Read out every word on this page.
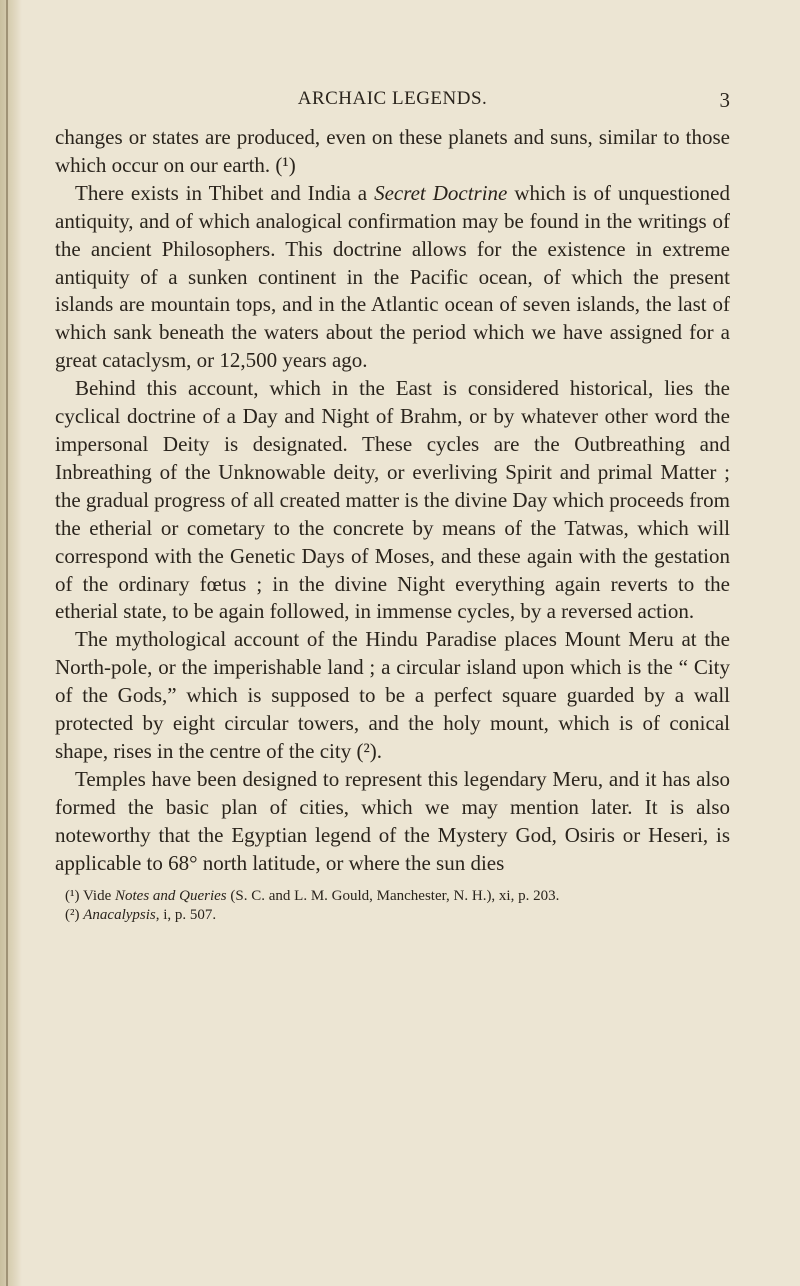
ARCHAIC LEGENDS.	3

changes or states are produced, even on these planets and suns, similar to those which occur on our earth. (¹)

There exists in Thibet and India a Secret Doctrine which is of unquestioned antiquity, and of which analogical confirmation may be found in the writings of the ancient Philosophers. This doctrine allows for the existence in extreme antiquity of a sunken continent in the Pacific ocean, of which the present islands are mountain tops, and in the Atlantic ocean of seven islands, the last of which sank beneath the waters about the period which we have assigned for a great cataclysm, or 12,500 years ago.

Behind this account, which in the East is considered historical, lies the cyclical doctrine of a Day and Night of Brahm, or by whatever other word the impersonal Deity is designated. These cycles are the Outbreathing and Inbreathing of the Unknowable deity, or everliving Spirit and primal Matter ; the gradual progress of all created matter is the divine Day which proceeds from the etherial or cometary to the concrete by means of the Tatwas, which will correspond with the Genetic Days of Moses, and these again with the gestation of the ordinary fœtus ; in the divine Night everything again reverts to the etherial state, to be again followed, in immense cycles, by a reversed action.

The mythological account of the Hindu Paradise places Mount Meru at the North-pole, or the imperishable land ; a circular island upon which is the “ City of the Gods,” which is supposed to be a perfect square guarded by a wall protected by eight circular towers, and the holy mount, which is of conical shape, rises in the centre of the city (²).

Temples have been designed to represent this legendary Meru, and it has also formed the basic plan of cities, which we may mention later. It is also noteworthy that the Egyptian legend of the Mystery God, Osiris or Heseri, is applicable to 68° north latitude, or where the sun dies

(¹) Vide Notes and Queries (S. C. and L. M. Gould, Manchester, N. H.), xi, p. 203.

(²) Anacalypsis, i, p. 507.
